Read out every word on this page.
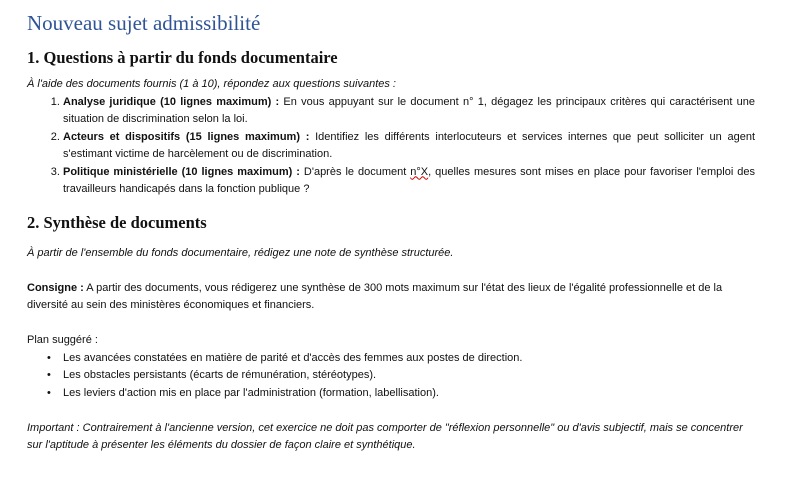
Nouveau sujet admissibilité
1. Questions à partir du fonds documentaire

À l'aide des documents fournis (1 à 10), répondez aux questions suivantes :

1. Analyse juridique (10 lignes maximum) : En vous appuyant sur le document n° 1, dégagez les principaux critères qui caractérisent une situation de discrimination selon la loi.
2. Acteurs et dispositifs (15 lignes maximum) : Identifiez les différents interlocuteurs et services internes que peut solliciter un agent s'estimant victime de harcèlement ou de discrimination.
3. Politique ministérielle (10 lignes maximum) : D'après le document n°X, quelles mesures sont mises en place pour favoriser l'emploi des travailleurs handicapés dans la fonction publique ?
2. Synthèse de documents

À partir de l'ensemble du fonds documentaire, rédigez une note de synthèse structurée.

Consigne : A partir des documents, vous rédigerez une synthèse de 300 mots maximum sur l'état des lieux de l'égalité professionnelle et de la diversité au sein des ministères économiques et financiers.

Plan suggéré :

• Les avancées constatées en matière de parité et d'accès des femmes aux postes de direction.
• Les obstacles persistants (écarts de rémunération, stéréotypes).
• Les leviers d'action mis en place par l'administration (formation, labellisation).

Important : Contrairement à l'ancienne version, cet exercice ne doit pas comporter de "réflexion personnelle" ou d'avis subjectif, mais se concentrer sur l'aptitude à présenter les éléments du dossier de façon claire et synthétique.
